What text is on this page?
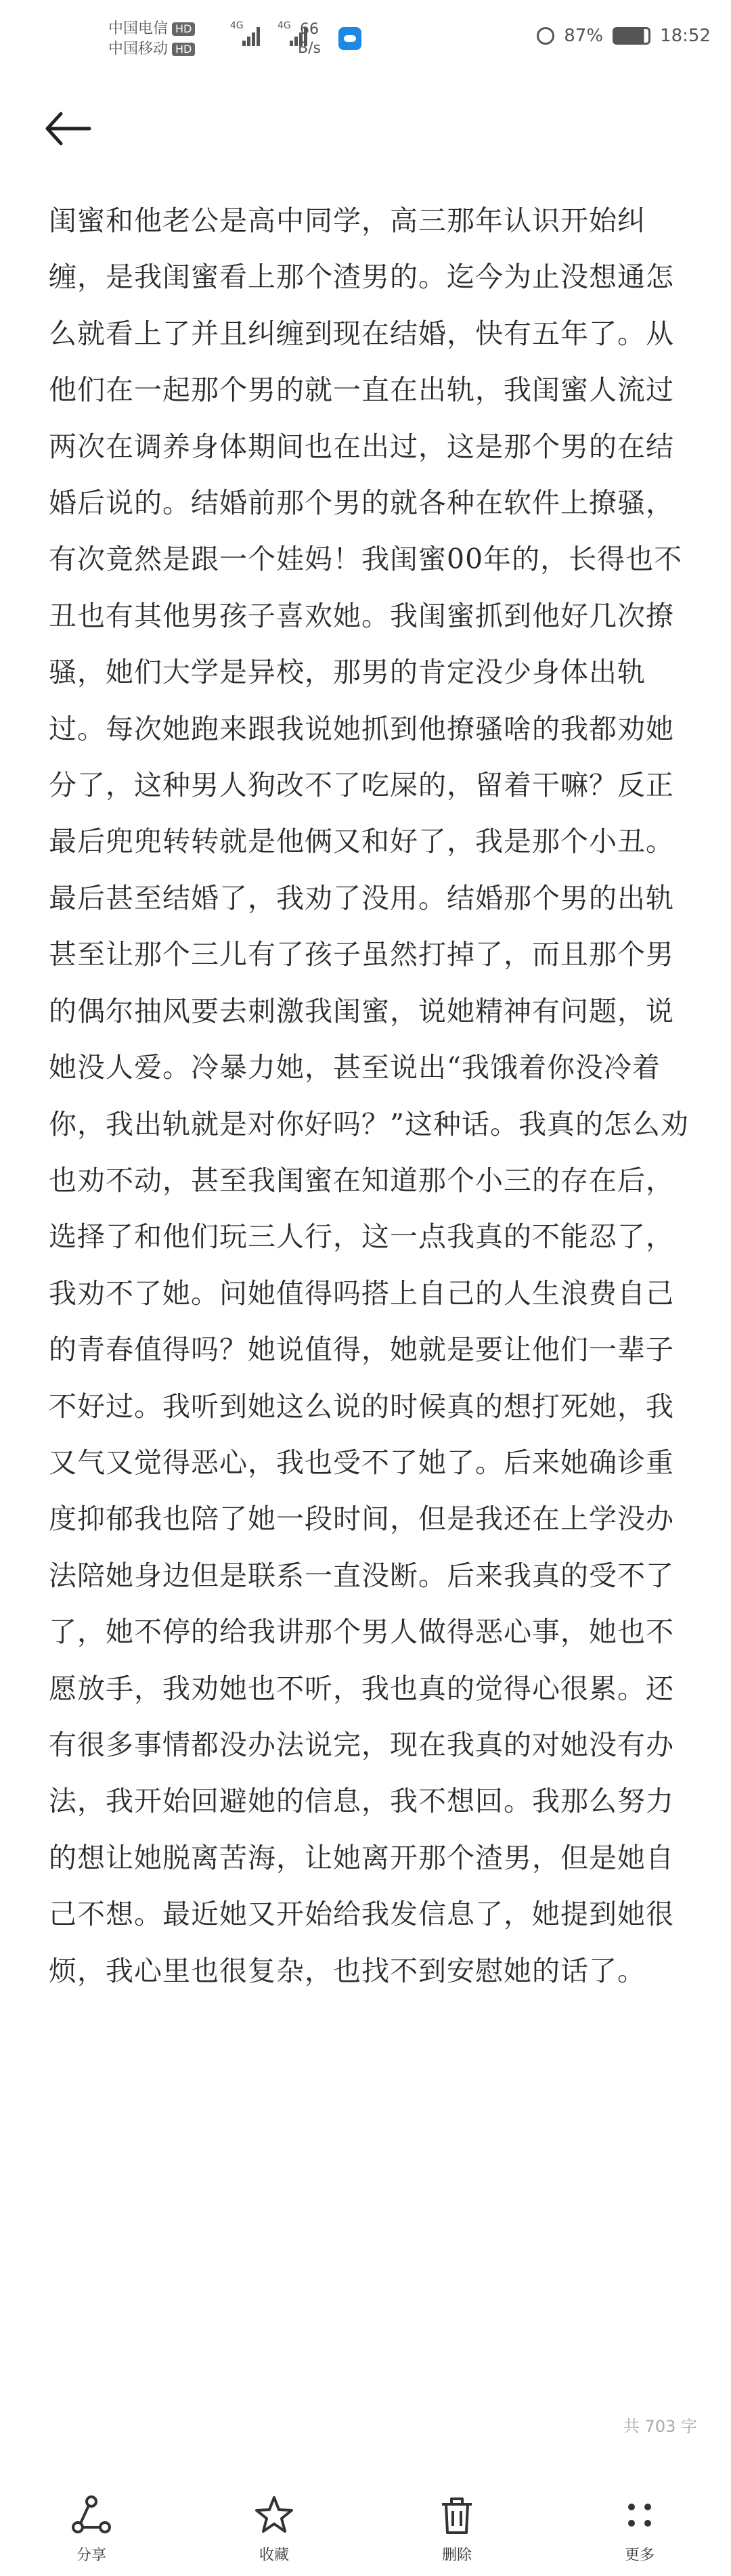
中国电信 HD
中国移动 HD
4G	4G 66
B/s
87%	18:52
闺蜜和他老公是高中同学，高三那年认识开始纠缠，是我闺蜜看上那个渣男的。迄今为止没想通怎么就看上了并且纠缠到现在结婚，快有五年了。从他们在一起那个男的就一直在出轨，我闺蜜人流过两次在调养身体期间也在出过，这是那个男的在结婚后说的。结婚前那个男的就各种在软件上撩骚，有次竟然是跟一个娃妈！我闺蜜00年的，长得也不丑也有其他男孩子喜欢她。我闺蜜抓到他好几次撩骚，她们大学是异校，那男的肯定没少身体出轨过。每次她跑来跟我说她抓到他撩骚啥的我都劝她分了，这种男人狗改不了吃屎的，留着干嘛？反正最后兜兜转转就是他俩又和好了，我是那个小丑。最后甚至结婚了，我劝了没用。结婚那个男的出轨甚至让那个三儿有了孩子虽然打掉了，而且那个男的偶尔抽风要去刺激我闺蜜，说她精神有问题，说她没人爱。冷暴力她，甚至说出“我饿着你没冷着你，我出轨就是对你好吗？”这种话。我真的怎么劝也劝不动，甚至我闺蜜在知道那个小三的存在后，选择了和他们玩三人行，这一点我真的不能忍了，我劝不了她。问她值得吗搭上自己的人生浪费自己的青春值得吗？她说值得，她就是要让他们一辈子不好过。我听到她这么说的时候真的想打死她，我又气又觉得恶心，我也受不了她了。后来她确诊重度抑郁我也陪了她一段时间，但是我还在上学没办法陪她身边但是联系一直没断。后来我真的受不了了，她不停的给我讲那个男人做得恶心事，她也不愿放手，我劝她也不听，我也真的觉得心很累。还有很多事情都没办法说完，现在我真的对她没有办法，我开始回避她的信息，我不想回。我那么努力的想让她脱离苦海，让她离开那个渣男，但是她自己不想。最近她又开始给我发信息了，她提到她很烦，我心里也很复杂，也找不到安慰她的话了。
共 703 字
分享	收藏	删除	更多
